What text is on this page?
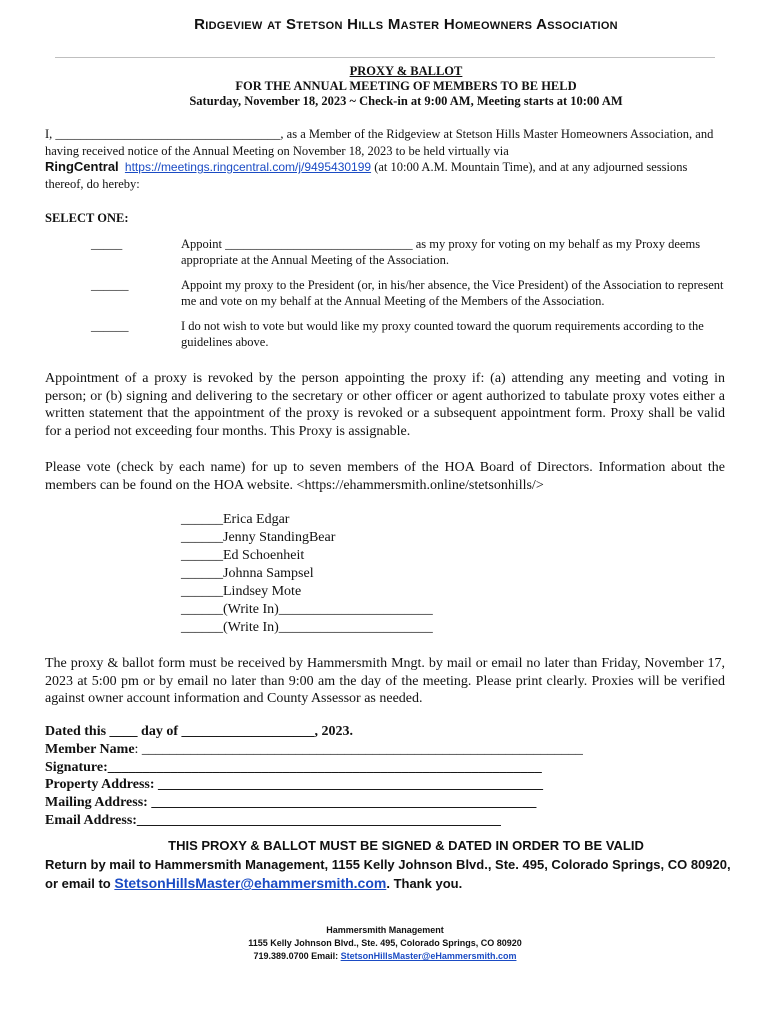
Ridgeview at Stetson Hills Master Homeowners Association
PROXY & BALLOT
FOR THE ANNUAL MEETING OF MEMBERS TO BE HELD
Saturday, November 18, 2023 ~ Check-in at 9:00 AM, Meeting starts at 10:00 AM
I, ____________________________________, as a Member of the Ridgeview at Stetson Hills Master Homeowners Association, and having received notice of the Annual Meeting on November 18, 2023 to be held virtually via
RingCentral https://meetings.ringcentral.com/j/9495430199 (at 10:00 A.M. Mountain Time), and at any adjourned sessions thereof, do hereby:
SELECT ONE:
_____	Appoint ______________________________ as my proxy for voting on my behalf as my Proxy deems appropriate at the Annual Meeting of the Association.
______	Appoint my proxy to the President (or, in his/her absence, the Vice President) of the Association to represent me and vote on my behalf at the Annual Meeting of the Members of the Association.
______	I do not wish to vote but would like my proxy counted toward the quorum requirements according to the guidelines above.
Appointment of a proxy is revoked by the person appointing the proxy if: (a) attending any meeting and voting in person; or (b) signing and delivering to the secretary or other officer or agent authorized to tabulate proxy votes either a written statement that the appointment of the proxy is revoked or a subsequent appointment form. Proxy shall be valid for a period not exceeding four months. This Proxy is assignable.
Please vote (check by each name) for up to seven members of the HOA Board of Directors. Information about the members can be found on the HOA website. <https://ehammersmith.online/stetsonhills/>
______Erica Edgar
______Jenny StandingBear
______Ed Schoenheit
______Johnna Sampsel
______Lindsey Mote
______(Write In)______________________
______(Write In)______________________
The proxy & ballot form must be received by Hammersmith Mngt. by mail or email no later than Friday, November 17, 2023 at 5:00 pm or by email no later than 9:00 am the day of the meeting. Please print clearly. Proxies will be verified against owner account information and County Assessor as needed.
Dated this ____ day of ___________________, 2023.
Member Name: _______________________________________________________________
Signature:______________________________________________________________
Property Address: _______________________________________________________
Mailing Address: _______________________________________________________
Email Address:____________________________________________________
THIS PROXY & BALLOT MUST BE SIGNED & DATED IN ORDER TO BE VALID
Return by mail to Hammersmith Management, 1155 Kelly Johnson Blvd., Ste. 495, Colorado Springs, CO 80920, or email to StetsonHillsMaster@ehammersmith.com. Thank you.
Hammersmith Management
1155 Kelly Johnson Blvd., Ste. 495, Colorado Springs, CO 80920
719.389.0700 Email: StetsonHillsMaster@eHammersmith.com
